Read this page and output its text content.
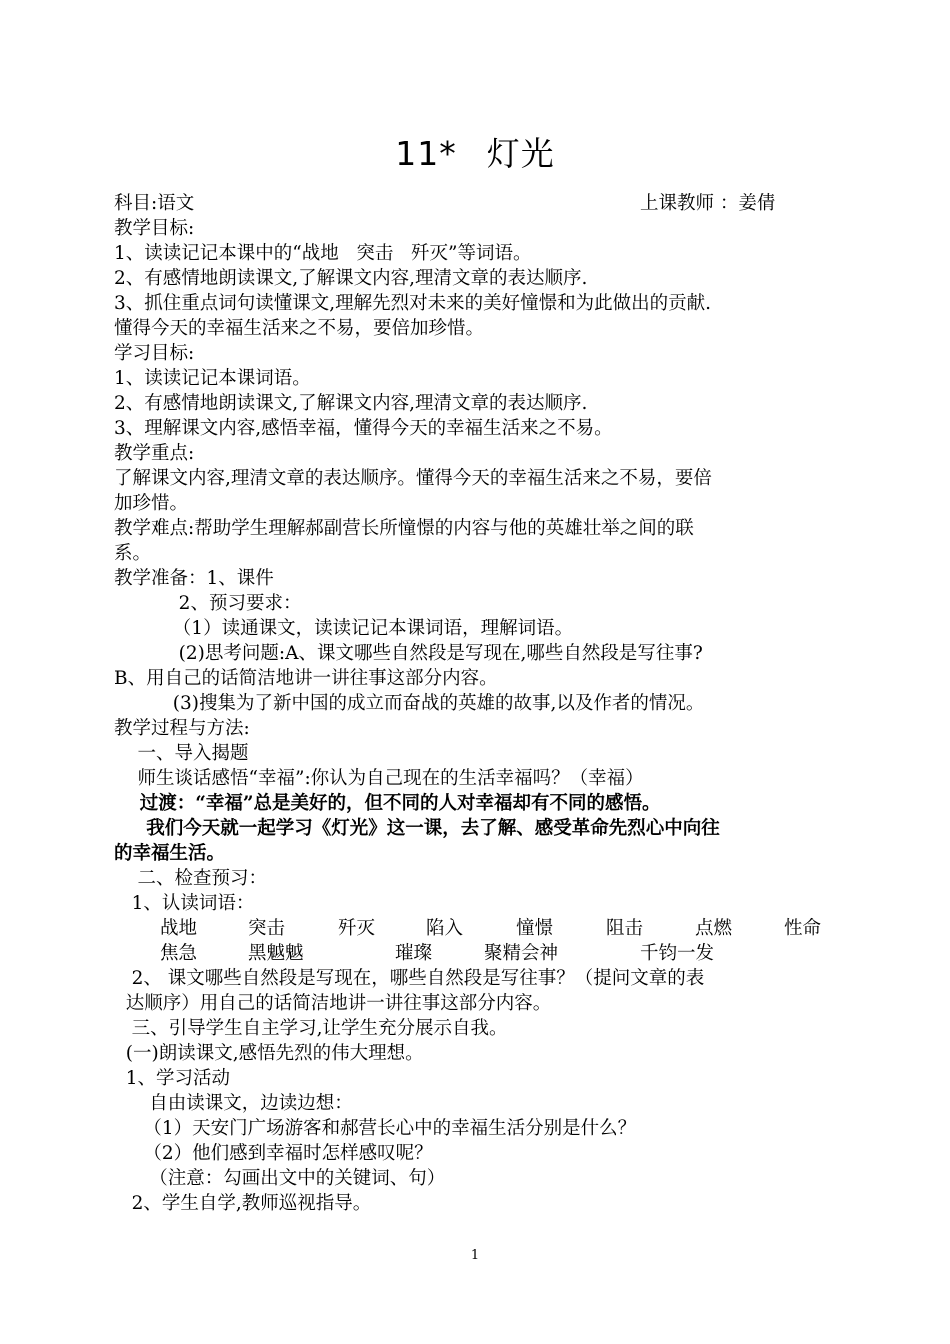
11* 灯光
科目:语文	上课教师 ：姜倩
教学目标:
1、读读记记本课中的“战地   突击   歼灭”等词语。
2、有感情地朗读课文,了解课文内容,理清文章的表达顺序.
3、抓住重点词句读懂课文,理解先烈对未来的美好憧憬和为此做出的贡献.
懂得今天的幸福生活来之不易，要倍加珍惜。
学习目标:
1、读读记记本课词语。
2、有感情地朗读课文,了解课文内容,理清文章的表达顺序.
3、理解课文内容,感悟幸福，懂得今天的幸福生活来之不易。
教学重点:
了解课文内容,理清文章的表达顺序。懂得今天的幸福生活来之不易，要倍
加珍惜。
教学难点:帮助学生理解郝副营长所憧憬的内容与他的英雄壮举之间的联
系。
教学准备：1、课件
2、预习要求：
（1）读通课文，读读记记本课词语，理解词语。
(2)思考问题:A、课文哪些自然段是写现在,哪些自然段是写往事?
B、用自己的话简洁地讲一讲往事这部分内容。
(3)搜集为了新中国的成立而奋战的英雄的故事,以及作者的情况。
教学过程与方法:
一、导入揭题
师生谈话感悟“幸福”:你认为自己现在的生活幸福吗？（幸福）
过渡：“幸福”总是美好的，但不同的人对幸福却有不同的感悟。
我们今天就一起学习《灯光》这一课，去了解、感受革命先烈心中向往
的幸福生活。
二、检查预习：
1、认读词语：
战地	突击	歼灭	陷入	憧憬	阻击	点燃	性命
焦急	黑魆魆	璀璨	聚精会神	千钧一发
2、 课文哪些自然段是写现在，哪些自然段是写往事？（提问文章的表
达顺序）用自己的话简洁地讲一讲往事这部分内容。
三、引导学生自主学习,让学生充分展示自我。
(一)朗读课文,感悟先烈的伟大理想。
1、学习活动
自由读课文，边读边想：
（1）天安门广场游客和郝营长心中的幸福生活分别是什么？
（2）他们感到幸福时怎样感叹呢？
（注意：勾画出文中的关键词、句）
2、学生自学,教师巡视指导。
1
